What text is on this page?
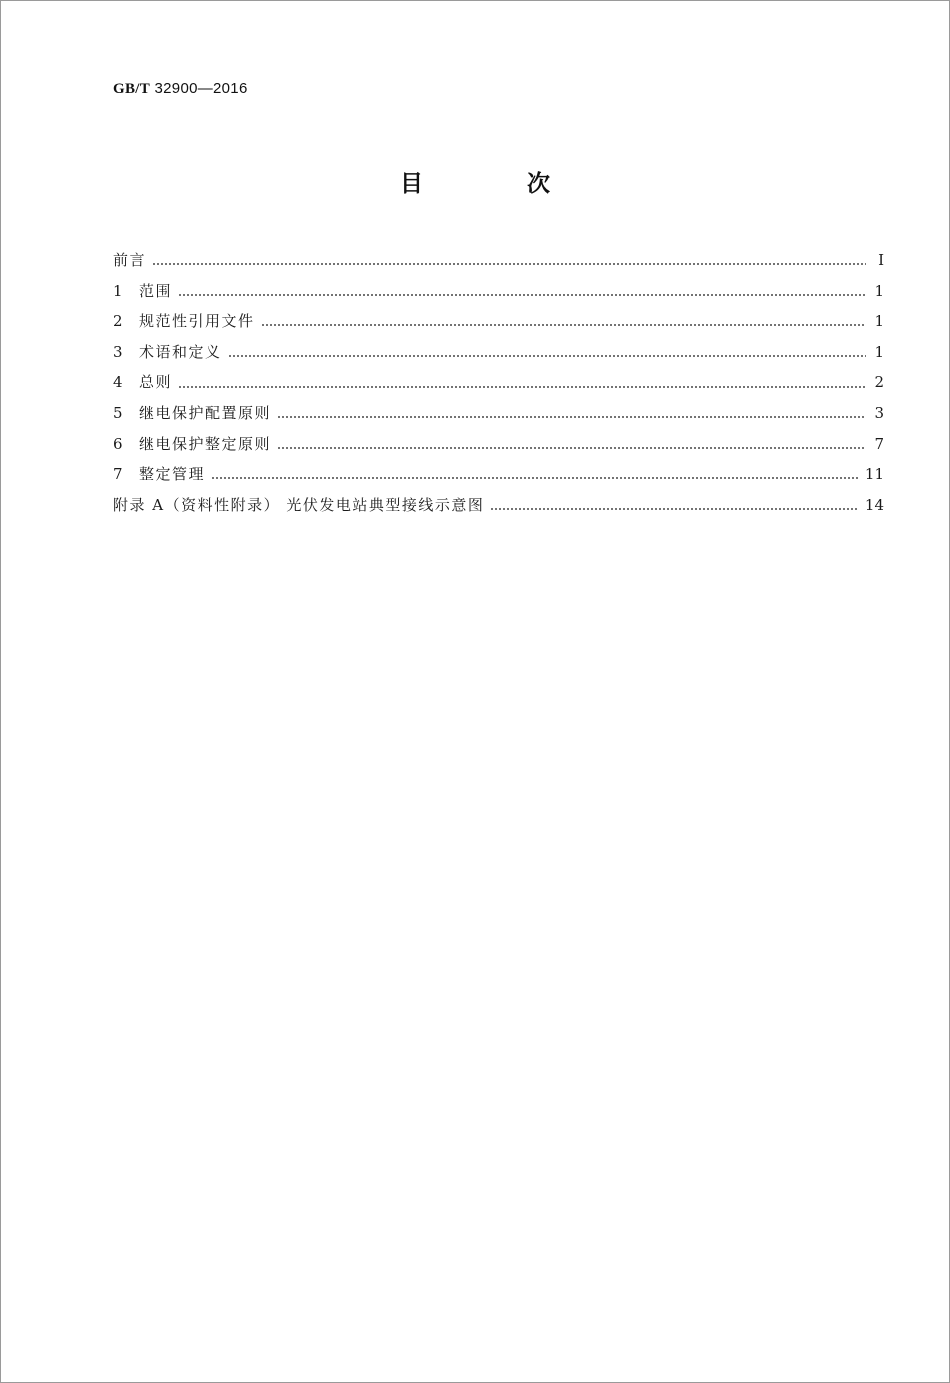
GB/T 32900—2016
目 次
前言	Ⅰ
1	范围	1
2	规范性引用文件	1
3	术语和定义	1
4	总则	2
5	继电保护配置原则	3
6	继电保护整定原则	7
7	整定管理	11
附录 A（资料性附录） 光伏发电站典型接线示意图	14
